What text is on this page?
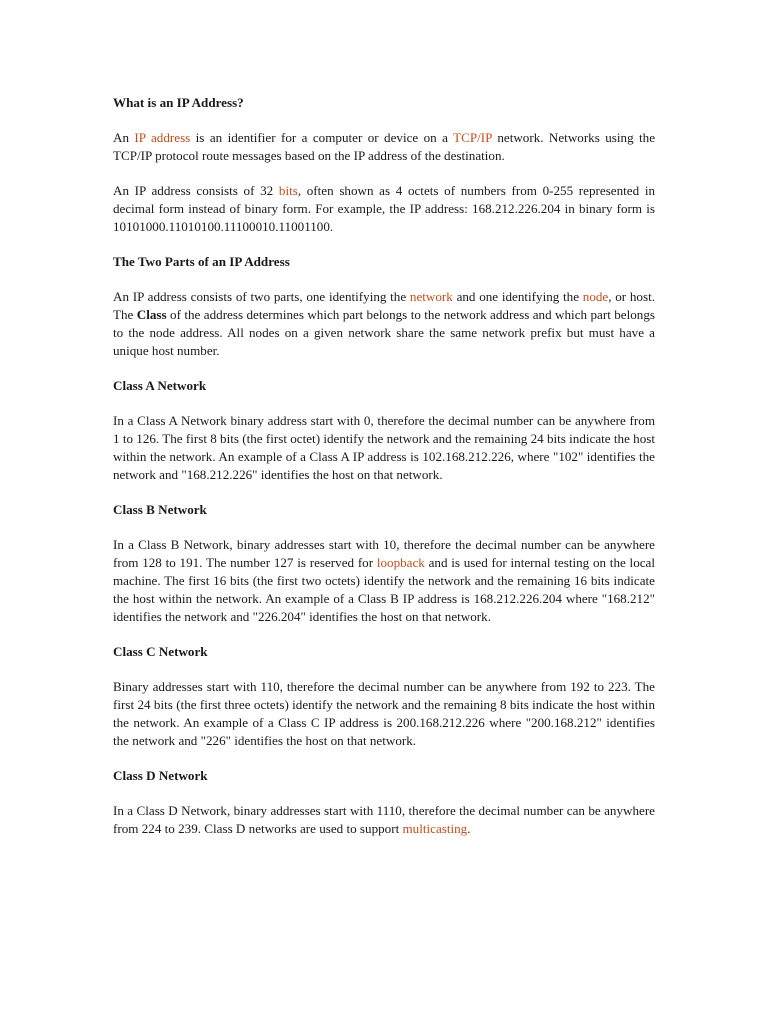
What is an IP Address?

An IP address is an identifier for a computer or device on a TCP/IP network. Networks using the TCP/IP protocol route messages based on the IP address of the destination.

An IP address consists of 32 bits, often shown as 4 octets of numbers from 0-255 represented in decimal form instead of binary form. For example, the IP address: 168.212.226.204 in binary form is 10101000.11010100.11100010.11001100.

The Two Parts of an IP Address

An IP address consists of two parts, one identifying the network and one identifying the node, or host. The Class of the address determines which part belongs to the network address and which part belongs to the node address. All nodes on a given network share the same network prefix but must have a unique host number.

Class A Network

In a Class A Network binary address start with 0, therefore the decimal number can be anywhere from 1 to 126. The first 8 bits (the first octet) identify the network and the remaining 24 bits indicate the host within the network. An example of a Class A IP address is 102.168.212.226, where "102" identifies the network and "168.212.226" identifies the host on that network.

Class B Network

In a Class B Network, binary addresses start with 10, therefore the decimal number can be anywhere from 128 to 191. The number 127 is reserved for loopback and is used for internal testing on the local machine. The first 16 bits (the first two octets) identify the network and the remaining 16 bits indicate the host within the network. An example of a Class B IP address is 168.212.226.204 where "168.212" identifies the network and "226.204" identifies the host on that network.

Class C Network

Binary addresses start with 110, therefore the decimal number can be anywhere from 192 to 223. The first 24 bits (the first three octets) identify the network and the remaining 8 bits indicate the host within the network. An example of a Class C IP address is 200.168.212.226 where "200.168.212" identifies the network and "226" identifies the host on that network.

Class D Network

In a Class D Network, binary addresses start with 1110, therefore the decimal number can be anywhere from 224 to 239. Class D networks are used to support multicasting.
